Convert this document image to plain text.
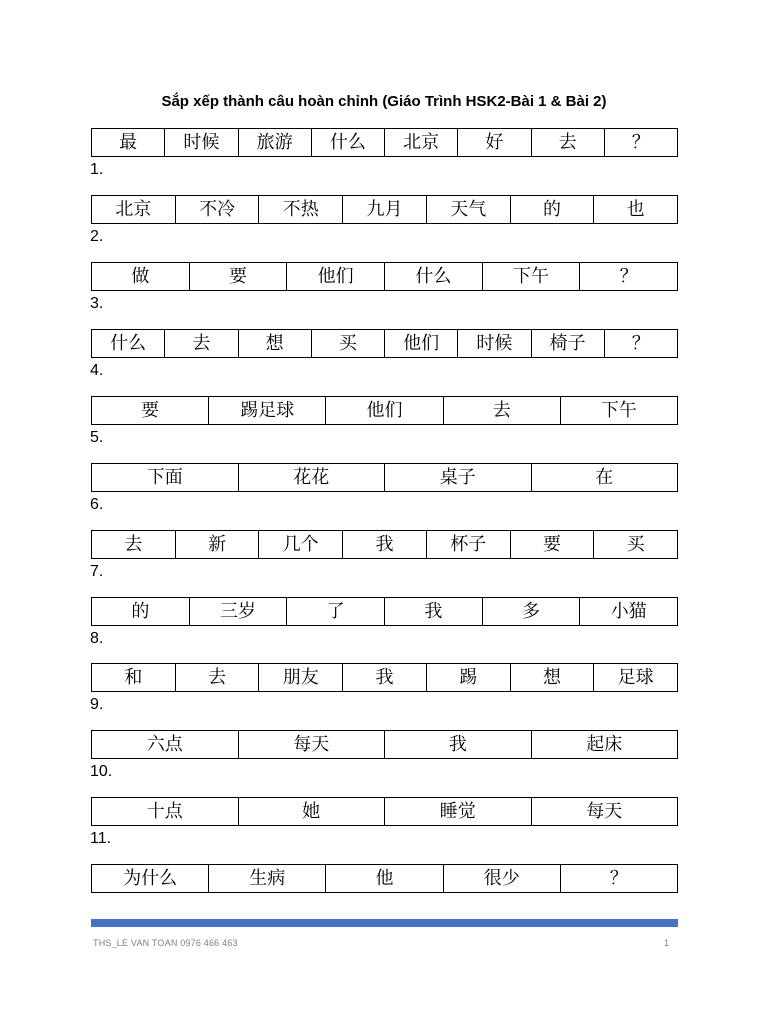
Sắp xếp thành câu hoàn chỉnh (Giáo Trình HSK2-Bài 1 & Bài 2)
最	时候	旅游	什么	北京	好	去	？
1.
北京	不冷	不热	九月	天气	的	也
2.
做	要	他们	什么	下午	？
3.
什么	去	想	买	他们	时候	椅子	？
4.
要	踢足球	他们	去	下午
5.
下面	花花	桌子	在
6.
去	新	几个	我	杯子	要	买
7.
的	三岁	了	我	多	小猫
8.
和	去	朋友	我	踢	想	足球
9.
六点	每天	我	起床
10.
十点	她	睡觉	每天
11.
为什么	生病	他	很少	？
THS_LE VAN TOAN 0976 466 463	1
